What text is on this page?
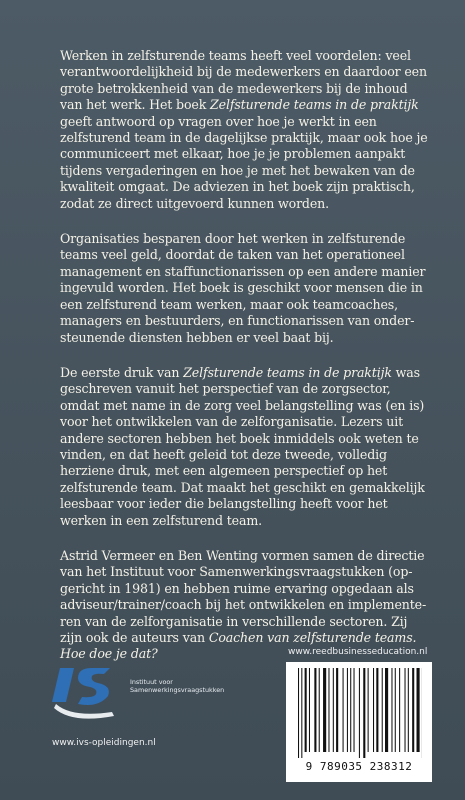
Werken in zelfsturende teams heeft veel voordelen: veel verantwoordelijkheid bij de medewerkers en daardoor een grote betrokkenheid van de medewerkers bij de inhoud van het werk. Het boek Zelfsturende teams in de praktijk geeft antwoord op vragen over hoe je werkt in een zelfsturend team in de dagelijkse praktijk, maar ook hoe je communiceert met elkaar, hoe je je problemen aanpakt tijdens vergaderingen en hoe je met het bewaken van de kwaliteit omgaat. De adviezen in het boek zijn praktisch, zodat ze direct uitgevoerd kunnen worden.

Organisaties besparen door het werken in zelfsturende teams veel geld, doordat de taken van het operationeel management en staffunctionarissen op een andere manier ingevuld worden. Het boek is geschikt voor mensen die in een zelfsturend team werken, maar ook teamcoaches, managers en bestuurders, en functionarissen van ondersteunende diensten hebben er veel baat bij.

De eerste druk van Zelfsturende teams in de praktijk was geschreven vanuit het perspectief van de zorgsector, omdat met name in de zorg veel belangstelling was (en is) voor het ontwikkelen van de zelforganisatie. Lezers uit andere sectoren hebben het boek inmiddels ook weten te vinden, en dat heeft geleid tot deze tweede, volledig herziene druk, met een algemeen perspectief op het zelfsturende team. Dat maakt het geschikt en gemakkelijk leesbaar voor ieder die belangstelling heeft voor het werken in een zelfsturend team.

Astrid Vermeer en Ben Wenting vormen samen de directie van het Instituut voor Samenwerkingsvraagstukken (opgericht in 1981) en hebben ruime ervaring opgedaan als adviseur/trainer/coach bij het ontwikkelen en implementeren van de zelforganisatie in verschillende sectoren. Zij zijn ook de auteurs van Coachen van zelfsturende teams. Hoe doe je dat?

Instituut voor
Samenwerkingsvraagstukken
www.ivs-opleidingen.nl
www.reedbusinesseducation.nl
9 789035 238312
